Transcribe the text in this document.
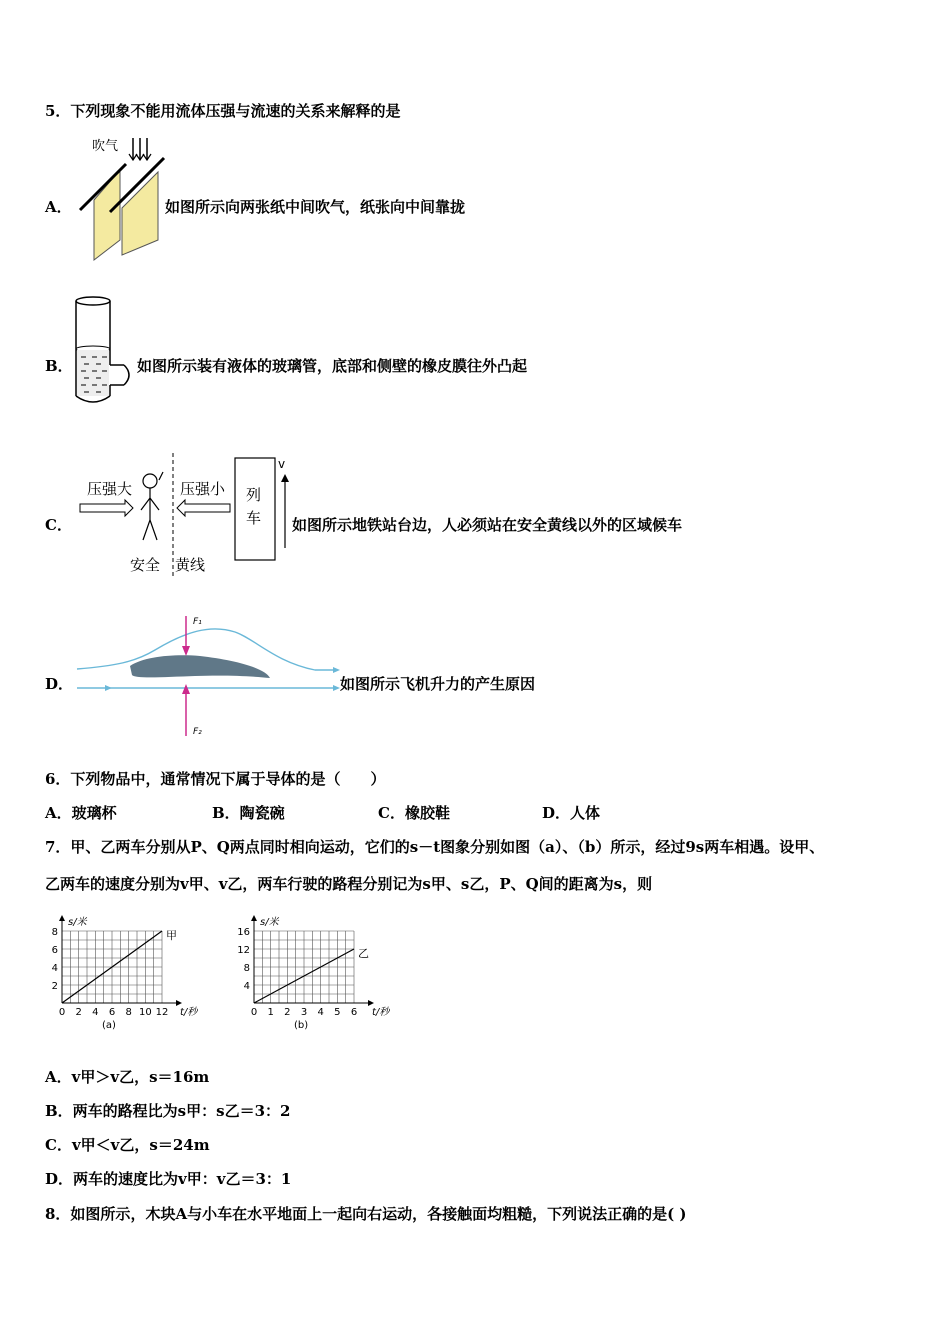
5．下列现象不能用流体压强与流速的关系来解释的是
A．
吹气
如图所示向两张纸中间吹气，纸张向中间靠拢
B．	如图所示装有液体的玻璃管，底部和侧壁的橡皮膜往外凸起
C．
压强大	压强小 列
车
v
安全 黄线
如图所示地铁站台边，人必须站在安全黄线以外的区域候车
D．
F₁
F₂
如图所示飞机升力的产生原因
6．下列物品中，通常情况下属于导体的是（　　）
A．玻璃杯	B．陶瓷碗	C．橡胶鞋	D．人体
7．甲、乙两车分别从P、Q两点同时相向运动，它们的s－t图象分别如图（a）、（b）所示，经过9s两车相遇。设甲、
乙两车的速度分别为v甲、v乙，两车行驶的路程分别记为s甲、s乙，P、Q间的距离为s，则
s/米
t/秒
0 2 4 6 8 10 12
2
4
6
8	甲
(a)
s/米
t/秒
0 1 2 3 4 5 6
4
8
12
16
乙
(b)
A．v甲＞v乙，s＝16m
B．两车的路程比为s甲：s乙＝3：2
C．v甲＜v乙，s＝24m
D．两车的速度比为v甲：v乙＝3：1
8．如图所示，木块A与小车在水平地面上一起向右运动，各接触面均粗糙，下列说法正确的是( )
